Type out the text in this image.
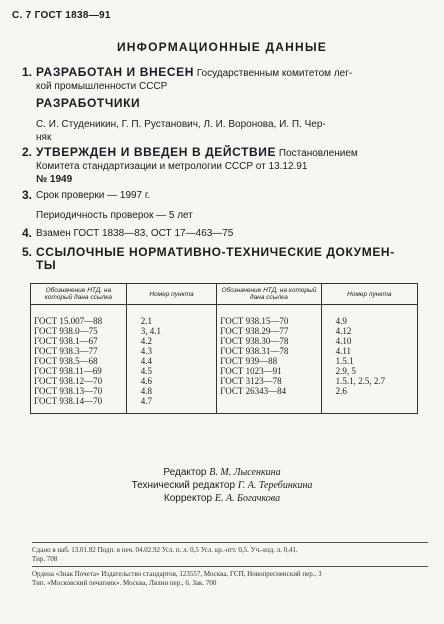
С. 7 ГОСТ 1838—91
ИНФОРМАЦИОННЫЕ ДАННЫЕ
1. РАЗРАБОТАН И ВНЕСЕН Государственным комитетом лег-
кой промышленности СССР
РАЗРАБОТЧИКИ
С. И. Студеникин, Г. П. Рустанович, Л. И. Воронова, И. П. Чер-
няк
2. УТВЕРЖДЕН И ВВЕДЕН В ДЕЙСТВИЕ Постановлением
Комитета стандартизации и метрологии СССР от 13.12.91
№ 1949
3. Срок проверки — 1997 г.
Периодичность проверок — 5 лет
4. Взамен ГОСТ 1838—83, ОСТ 17—463—75
5. ССЫЛОЧНЫЕ НОРМАТИВНО-ТЕХНИЧЕСКИЕ ДОКУМЕН-
ТЫ
Обозначение НТД, на который дана ссылка	Номер пункта	Обозначение НТД, на который дана ссылка	Номер пункта
ГОСТ 15.007—88	2.1	ГОСТ 938.15—70	4.9
ГОСТ 938.0—75	3, 4.1	ГОСТ 938.29—77	4.12
ГОСТ 938.1—67	4.2	ГОСТ 938.30—78	4.10
ГОСТ 938.3—77	4.3	ГОСТ 938.31—78	4.11
ГОСТ 938.5—68	4.4	ГОСТ 939—88	1.5.1
ГОСТ 938.11—69	4.5	ГОСТ 1023—91	2.9, 5
ГОСТ 938.12—70	4.6	ГОСТ 3123—78	1.5.1, 2.5, 2.7
ГОСТ 938.13—70	4.8	ГОСТ 26343—84	2.6
ГОСТ 938.14—70	4.7		
Редактор В. М. Лысенкина
Технический редактор Г. А. Теребинкина
Корректор Е. А. Богачкова
Сдано в наб. 13.01.92 Подп. в печ. 04.02.92 Усл. п. л. 0,5 Усл. кр.-отт. 0,5. Уч.-изд. л. 0,41.
Тир. 708
Ордена «Знак Почета» Издательство стандартов, 123557, Москва, ГСП, Новопресненский пер., 3
Тип. «Московский печатник». Москва, Лялин пер., 6. Зак. 700
